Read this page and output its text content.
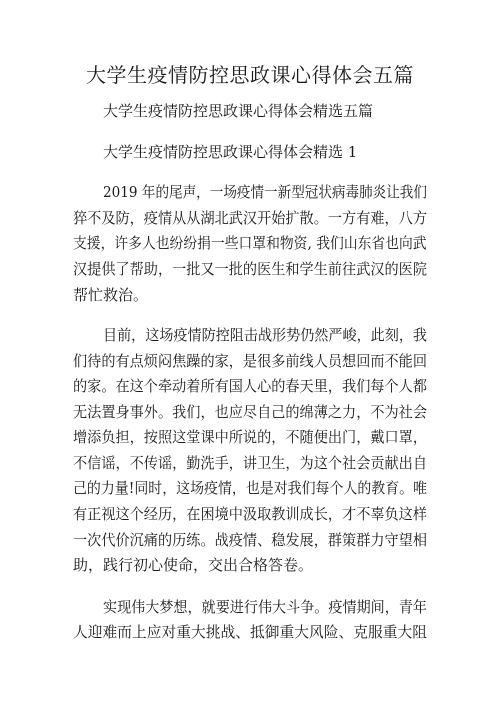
大学生疫情防控思政课心得体会五篇

大学生疫情防控思政课心得体会精选五篇

大学生疫情防控思政课心得体会精选 1

2019 年的尾声，一场疫情一新型冠状病毒肺炎让我们

猝不及防，疫情从从湖北武汉开始扩散。一方有难，八方

支援，许多人也纷纷捐一些口罩和物资, 我们山东省也向武

汉提供了帮助，一批又一批的医生和学生前往武汉的医院

帮忙救治。

目前，这场疫情防控阻击战形势仍然严峻，此刻，我

们待的有点烦闷焦躁的家，是很多前线人员想回而不能回

的家。在这个牵动着所有国人心的春天里，我们每个人都

无法置身事外。我们，也应尽自己的绵薄之力，不为社会

增添负担，按照这堂课中所说的，不随便出门，戴口罩，

不信谣，不传谣，勤洗手，讲卫生，为这个社会贡献出自

己的力量!同时，这场疫情，也是对我们每个人的教育。唯

有正视这个经历，在困境中汲取教训成长，才不辜负这样

一次代价沉痛的历练。战疫情、稳发展，群策群力守望相

助，践行初心使命，交出合格答卷。

实现伟大梦想，就要进行伟大斗争。疫情期间，青年

人迎难而上应对重大挑战、抵御重大风险、克服重大阻
